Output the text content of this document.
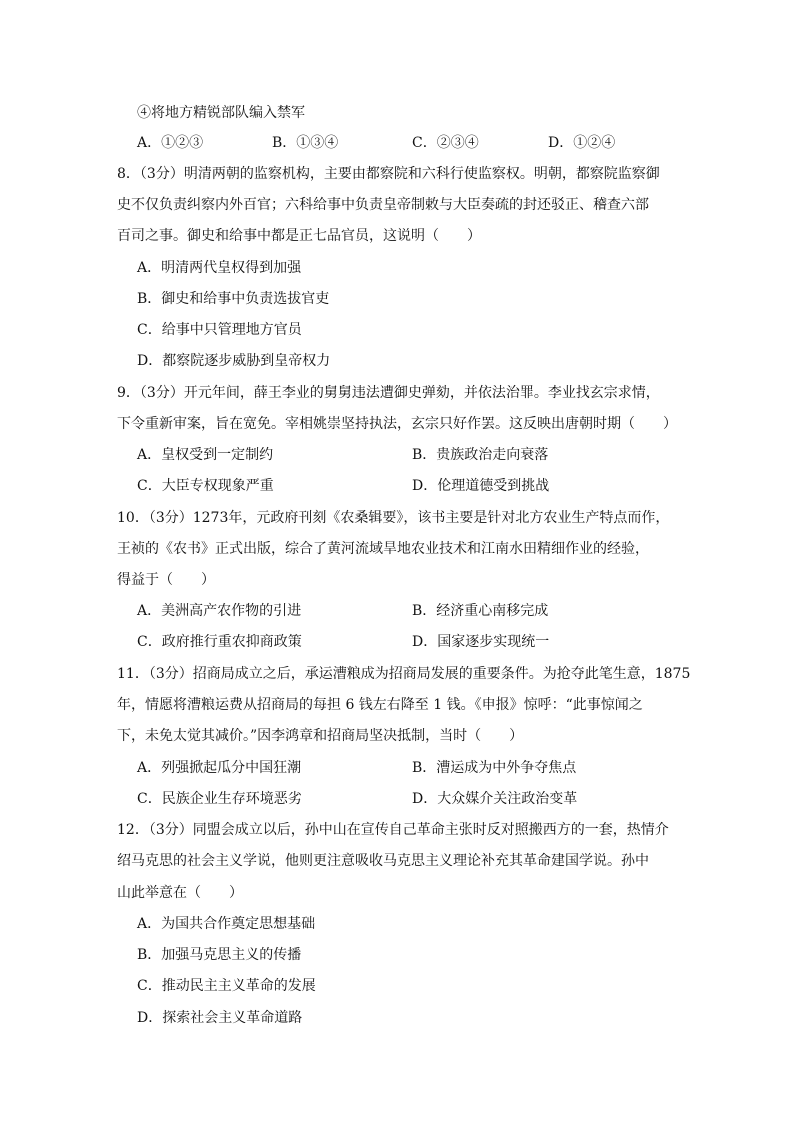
④将地方精锐部队编入禁军
A．①②③	B．①③④	C．②③④	D．①②④
8．（3分）明清两朝的监察机构，主要由都察院和六科行使监察权。明朝，都察院监察御
史不仅负责纠察内外百官；六科给事中负责皇帝制敕与大臣奏疏的封还驳正、稽查六部
百司之事。御史和给事中都是正七品官员，这说明（　　）
A．明清两代皇权得到加强
B．御史和给事中负责选拔官吏
C．给事中只管理地方官员
D．都察院逐步威胁到皇帝权力
9．（3分）开元年间，薛王李业的舅舅违法遭御史弹劾，并依法治罪。李业找玄宗求情，
下令重新审案，旨在宽免。宰相姚崇坚持执法，玄宗只好作罢。这反映出唐朝时期（　　）
A．皇权受到一定制约	B．贵族政治走向衰落
C．大臣专权现象严重	D．伦理道德受到挑战
10．（3分）1273年，元政府刊刻《农桑辑要》，该书主要是针对北方农业生产特点而作，
王祯的《农书》正式出版，综合了黄河流域旱地农业技术和江南水田精细作业的经验，
得益于（　　）
A．美洲高产农作物的引进	B．经济重心南移完成
C．政府推行重农抑商政策	D．国家逐步实现统一
11．（3分）招商局成立之后，承运漕粮成为招商局发展的重要条件。为抢夺此笔生意，1875
年，情愿将漕粮运费从招商局的每担 6 钱左右降至 1 钱。《申报》惊呼：“此事惊闻之
下，未免太觉其减价。”因李鸿章和招商局坚决抵制，当时（　　）
A．列强掀起瓜分中国狂潮	B．漕运成为中外争夺焦点
C．民族企业生存环境恶劣	D．大众媒介关注政治变革
12．（3分）同盟会成立以后，孙中山在宣传自己革命主张时反对照搬西方的一套，热情介
绍马克思的社会主义学说，他则更注意吸收马克思主义理论补充其革命建国学说。孙中
山此举意在（　　）
A．为国共合作奠定思想基础
B．加强马克思主义的传播
C．推动民主主义革命的发展
D．探索社会主义革命道路
